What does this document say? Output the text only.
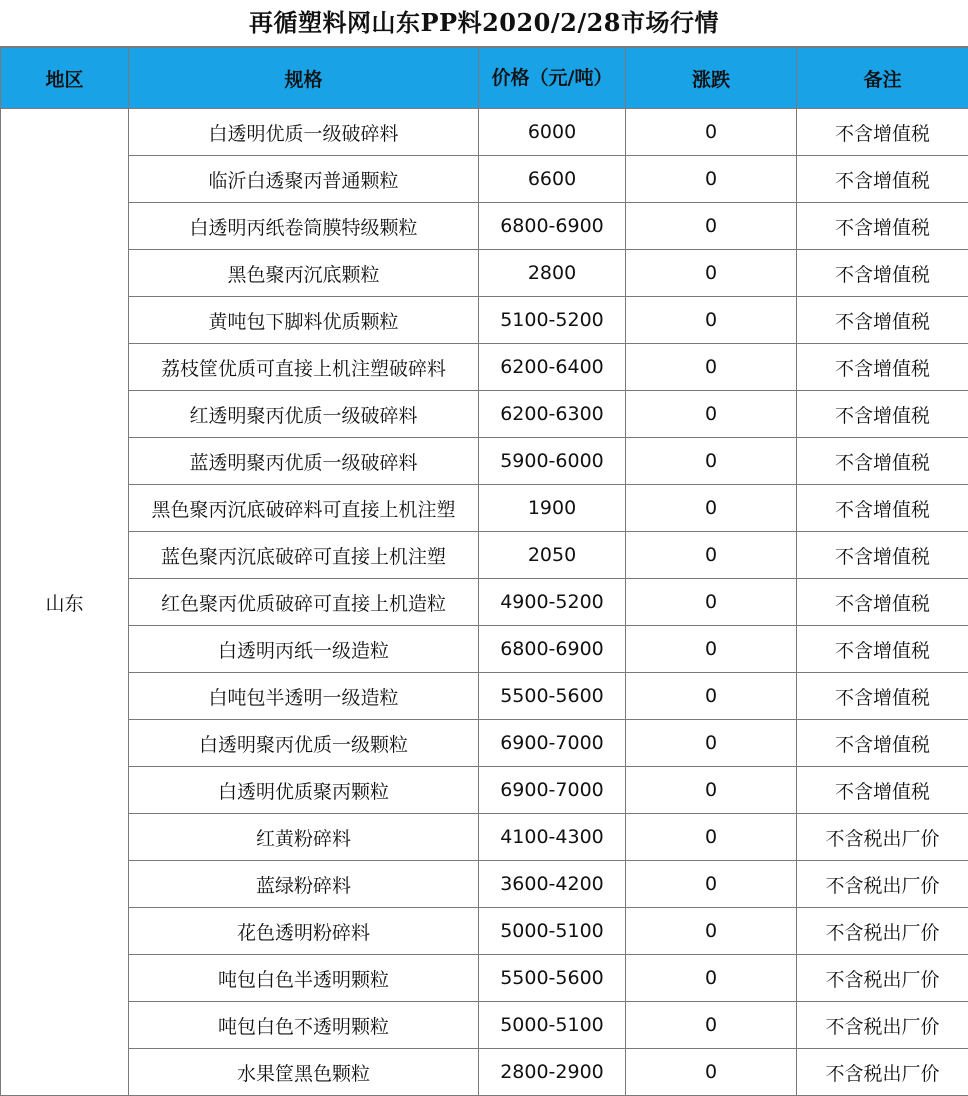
再循塑料网山东PP料2020/2/28市场行情
地区	规格	价格（元/吨）	涨跌	备注
山东	白透明优质一级破碎料	6000	0	不含增值税
	临沂白透聚丙普通颗粒	6600	0	不含增值税
	白透明丙纸卷筒膜特级颗粒	6800-6900	0	不含增值税
	黑色聚丙沉底颗粒	2800	0	不含增值税
	黄吨包下脚料优质颗粒	5100-5200	0	不含增值税
	荔枝筐优质可直接上机注塑破碎料	6200-6400	0	不含增值税
	红透明聚丙优质一级破碎料	6200-6300	0	不含增值税
	蓝透明聚丙优质一级破碎料	5900-6000	0	不含增值税
	黑色聚丙沉底破碎料可直接上机注塑	1900	0	不含增值税
	蓝色聚丙沉底破碎可直接上机注塑	2050	0	不含增值税
	红色聚丙优质破碎可直接上机造粒	4900-5200	0	不含增值税
	白透明丙纸一级造粒	6800-6900	0	不含增值税
	白吨包半透明一级造粒	5500-5600	0	不含增值税
	白透明聚丙优质一级颗粒	6900-7000	0	不含增值税
	白透明优质聚丙颗粒	6900-7000	0	不含增值税
	红黄粉碎料	4100-4300	0	不含税出厂价
	蓝绿粉碎料	3600-4200	0	不含税出厂价
	花色透明粉碎料	5000-5100	0	不含税出厂价
	吨包白色半透明颗粒	5500-5600	0	不含税出厂价
	吨包白色不透明颗粒	5000-5100	0	不含税出厂价
	水果筐黑色颗粒	2800-2900	0	不含税出厂价
